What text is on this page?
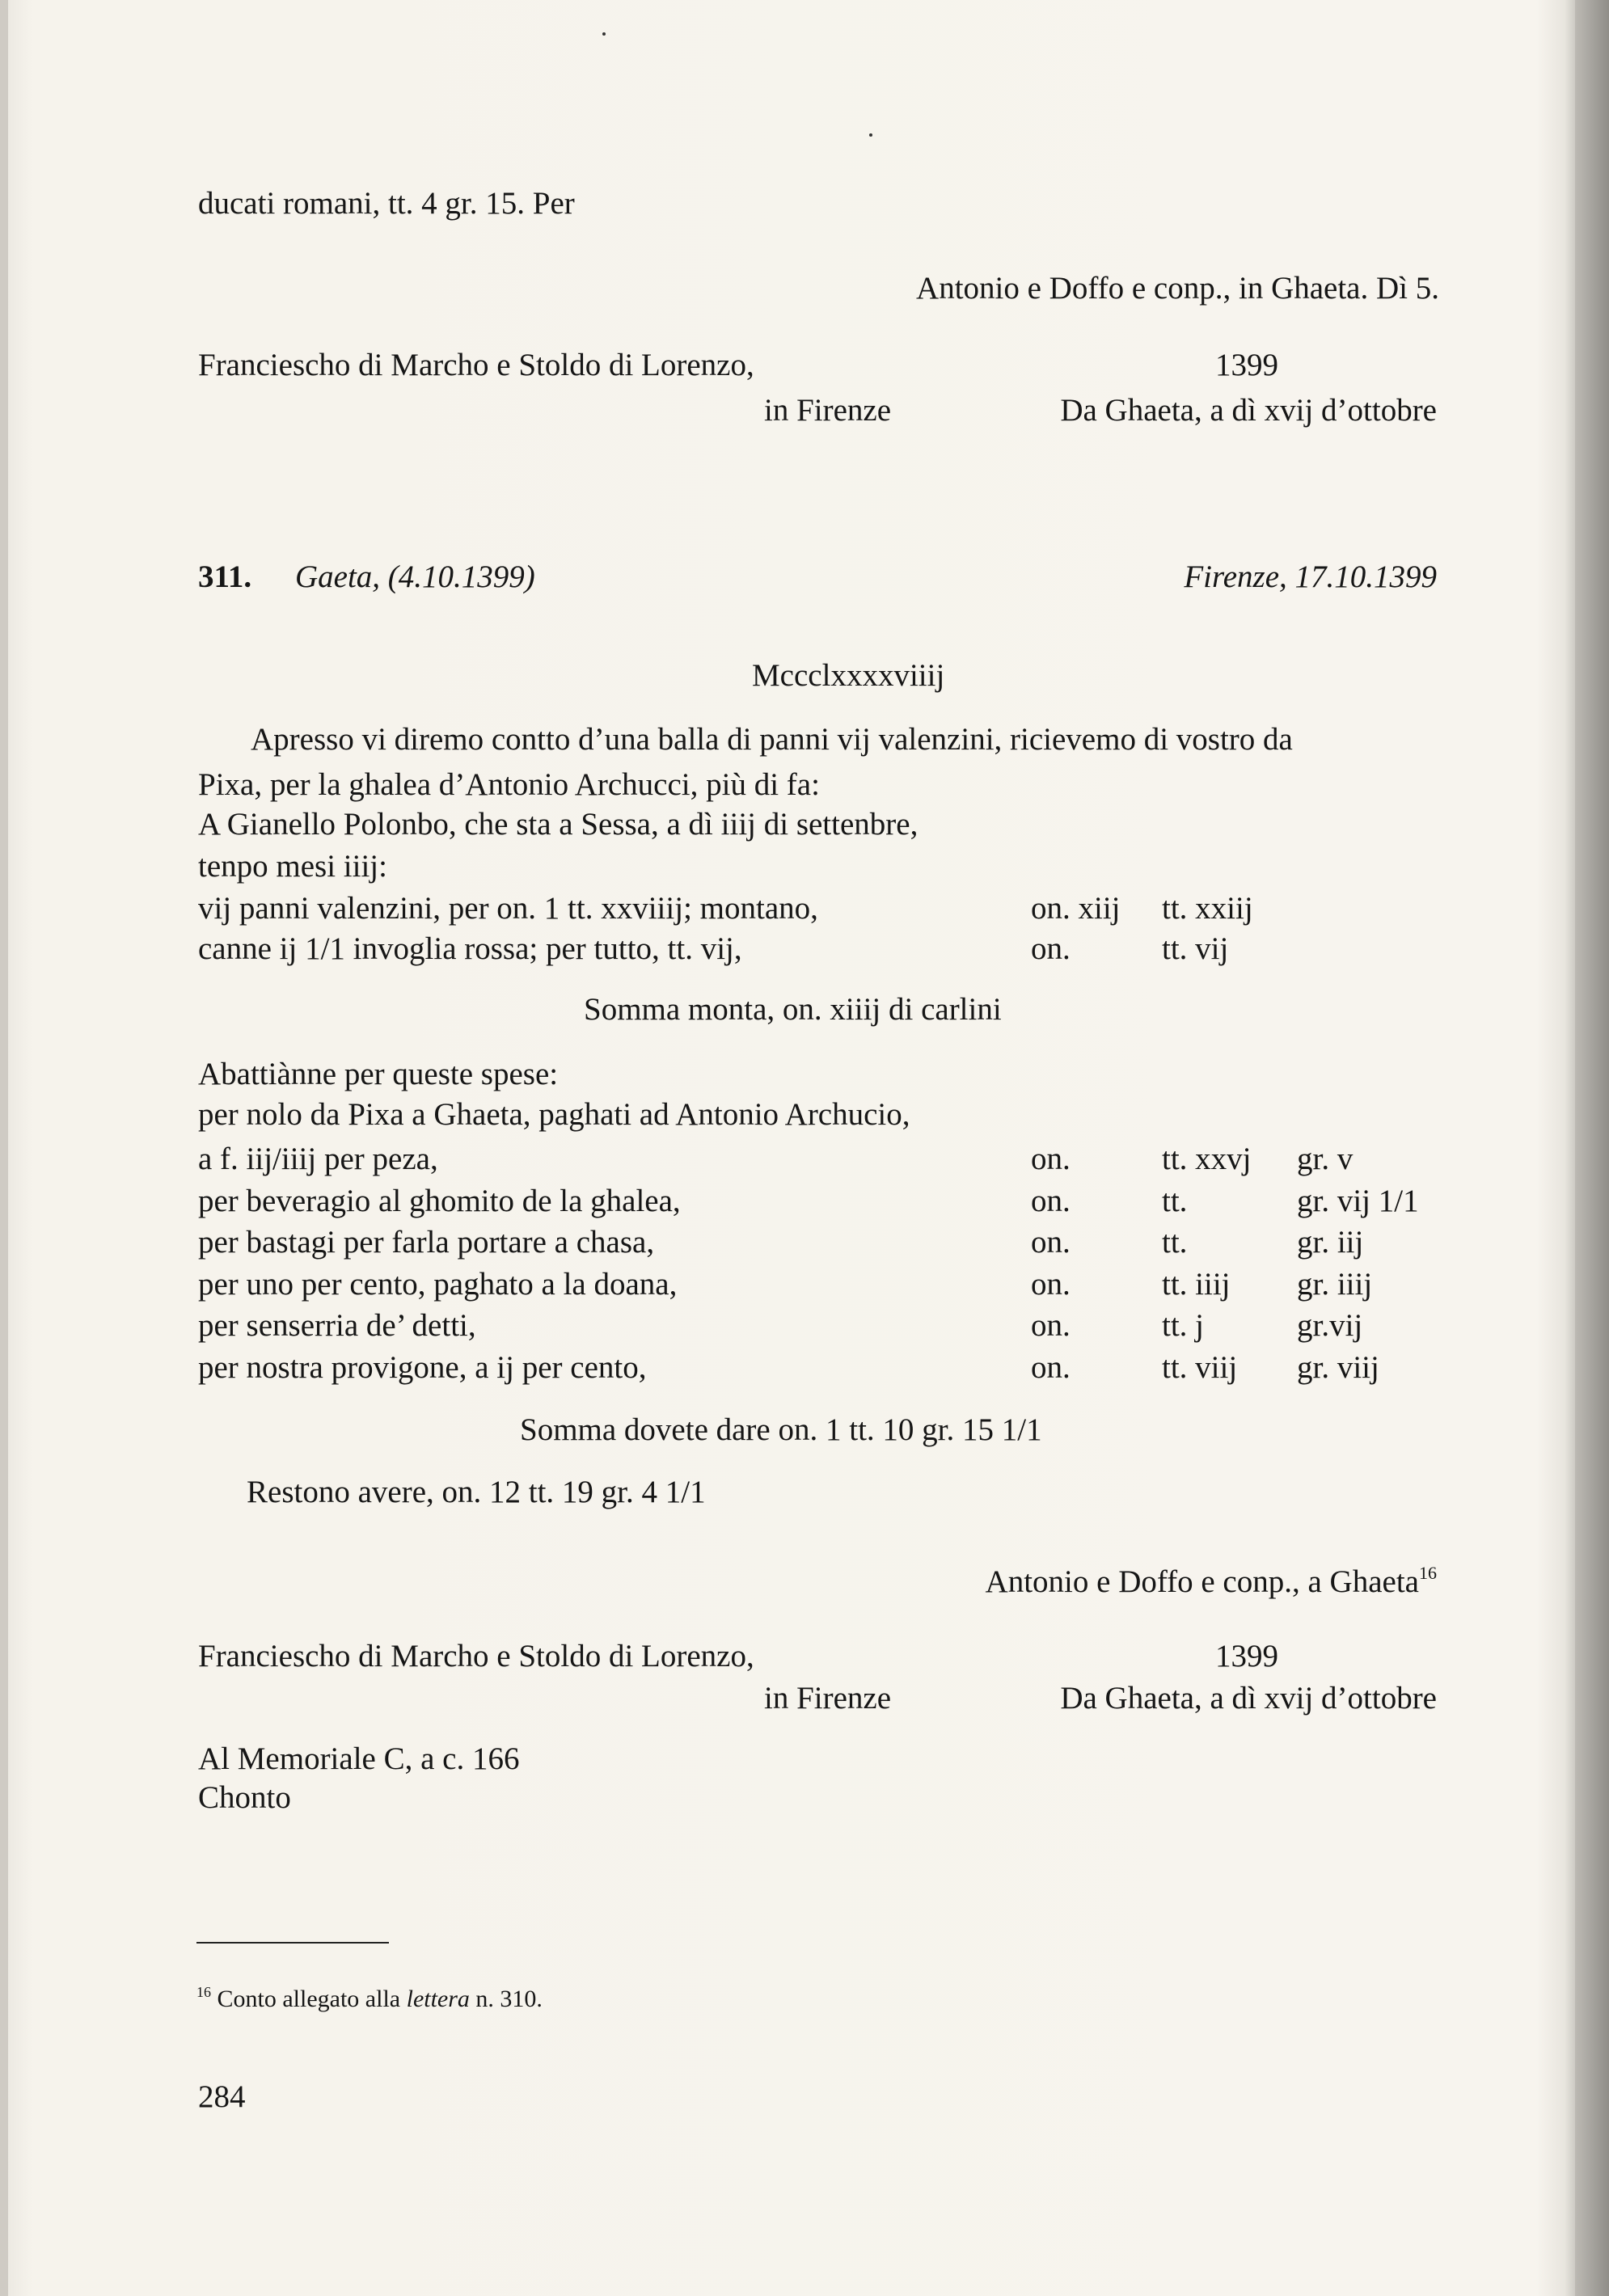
ducati romani, tt. 4 gr. 15. Per
Antonio e Doffo e conp., in Ghaeta. Dì 5.
Franciescho di Marcho e Stoldo di Lorenzo,	1399
in Firenze	Da Ghaeta, a dì xvij d’ottobre
311. Gaeta, (4.10.1399)	Firenze, 17.10.1399
Mccclxxxxviiij
Apresso vi diremo contto d’una balla di panni vij valenzini, ricievemo di vostro da
Pixa, per la ghalea d’Antonio Archucci, più di fa:
A Gianello Polonbo, che sta a Sessa, a dì iiij di settenbre,
tenpo mesi iiij:
vij panni valenzini, per on. 1 tt. xxviiij; montano,	on. xiij tt. xxiij
canne ij 1/1 invoglia rossa; per tutto, tt. vij,	on.	tt. vij
Somma monta, on. xiiij di carlini
Abattiànne per queste spese:
per nolo da Pixa a Ghaeta, paghati ad Antonio Archucio,
a f. iij/iiij per peza,	on.	tt. xxvj gr. v
per beveragio al ghomito de la ghalea,	on.	tt.	gr. vij 1/1
per bastagi per farla portare a chasa,	on.	tt.	gr. iij
per uno per cento, paghato a la doana,	on.	tt. iiij gr. iiij
per senserria de’ detti,	on.	tt. j	gr.vij
per nostra provigone, a ij per cento,	on.	tt. viij gr. viij
Somma dovete dare on. 1 tt. 10 gr. 15 1/1
Restono avere, on. 12 tt. 19 gr. 4 1/1
Antonio e Doffo e conp., a Ghaeta$^{16}$
Franciescho di Marcho e Stoldo di Lorenzo,	1399
in Firenze	Da Ghaeta, a dì xvij d’ottobre
Al Memoriale C, a c. 166
Chonto
$^{16}$ Conto allegato alla lettera n. 310.
284
